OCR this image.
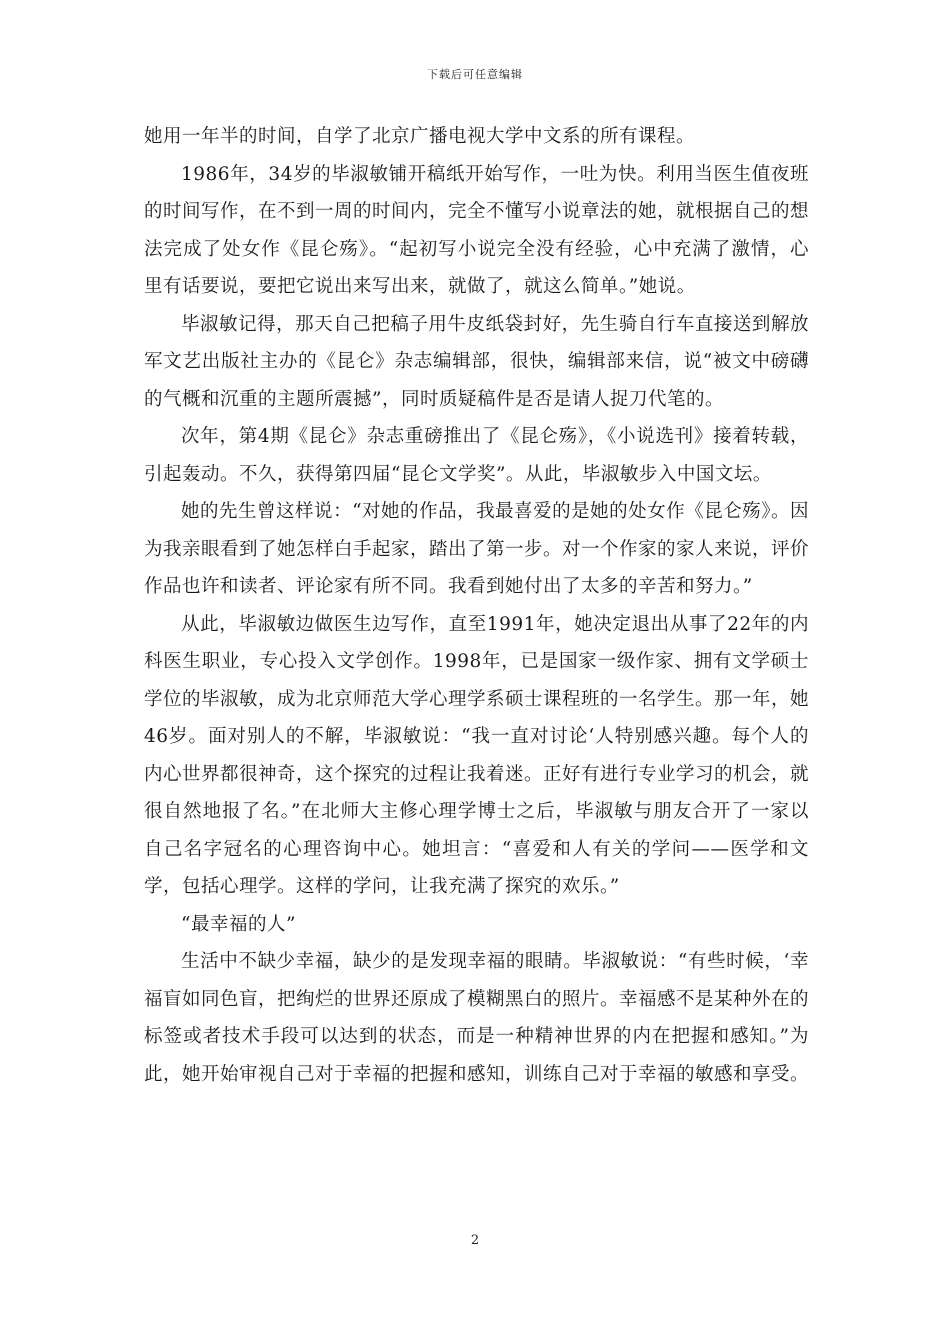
下载后可任意编辑

她用一年半的时间，自学了北京广播电视大学中文系的所有课程。

1986年，34岁的毕淑敏铺开稿纸开始写作，一吐为快。利用当医生值夜班的时间写作，在不到一周的时间内，完全不懂写小说章法的她，就根据自己的想法完成了处女作《昆仑殇》。“起初写小说完全没有经验，心中充满了激情，心里有话要说，要把它说出来写出来，就做了，就这么简单。”她说。

毕淑敏记得，那天自己把稿子用牛皮纸袋封好，先生骑自行车直接送到解放军文艺出版社主办的《昆仑》杂志编辑部，很快，编辑部来信，说“被文中磅礴的气概和沉重的主题所震撼”，同时质疑稿件是否是请人捉刀代笔的。

次年，第4期《昆仑》杂志重磅推出了《昆仑殇》，《小说选刊》接着转载，引起轰动。不久，获得第四届“昆仑文学奖”。从此，毕淑敏步入中国文坛。

她的先生曾这样说：“对她的作品，我最喜爱的是她的处女作《昆仑殇》。因为我亲眼看到了她怎样白手起家，踏出了第一步。对一个作家的家人来说，评价作品也许和读者、评论家有所不同。我看到她付出了太多的辛苦和努力。”

从此，毕淑敏边做医生边写作，直至1991年，她决定退出从事了22年的内科医生职业，专心投入文学创作。1998年，已是国家一级作家、拥有文学硕士学位的毕淑敏，成为北京师范大学心理学系硕士课程班的一名学生。那一年，她46岁。面对别人的不解，毕淑敏说：“我一直对讨论‘人特别感兴趣。每个人的内心世界都很神奇，这个探究的过程让我着迷。正好有进行专业学习的机会，就很自然地报了名。”在北师大主修心理学博士之后，毕淑敏与朋友合开了一家以自己名字冠名的心理咨询中心。她坦言：“喜爱和人有关的学问——医学和文学，包括心理学。这样的学问，让我充满了探究的欢乐。”

“最幸福的人”

生活中不缺少幸福，缺少的是发现幸福的眼睛。毕淑敏说：“有些时候，‘幸福盲如同色盲，把绚烂的世界还原成了模糊黑白的照片。幸福感不是某种外在的标签或者技术手段可以达到的状态，而是一种精神世界的内在把握和感知。”为此，她开始审视自己对于幸福的把握和感知，训练自己对于幸福的敏感和享受。

2
